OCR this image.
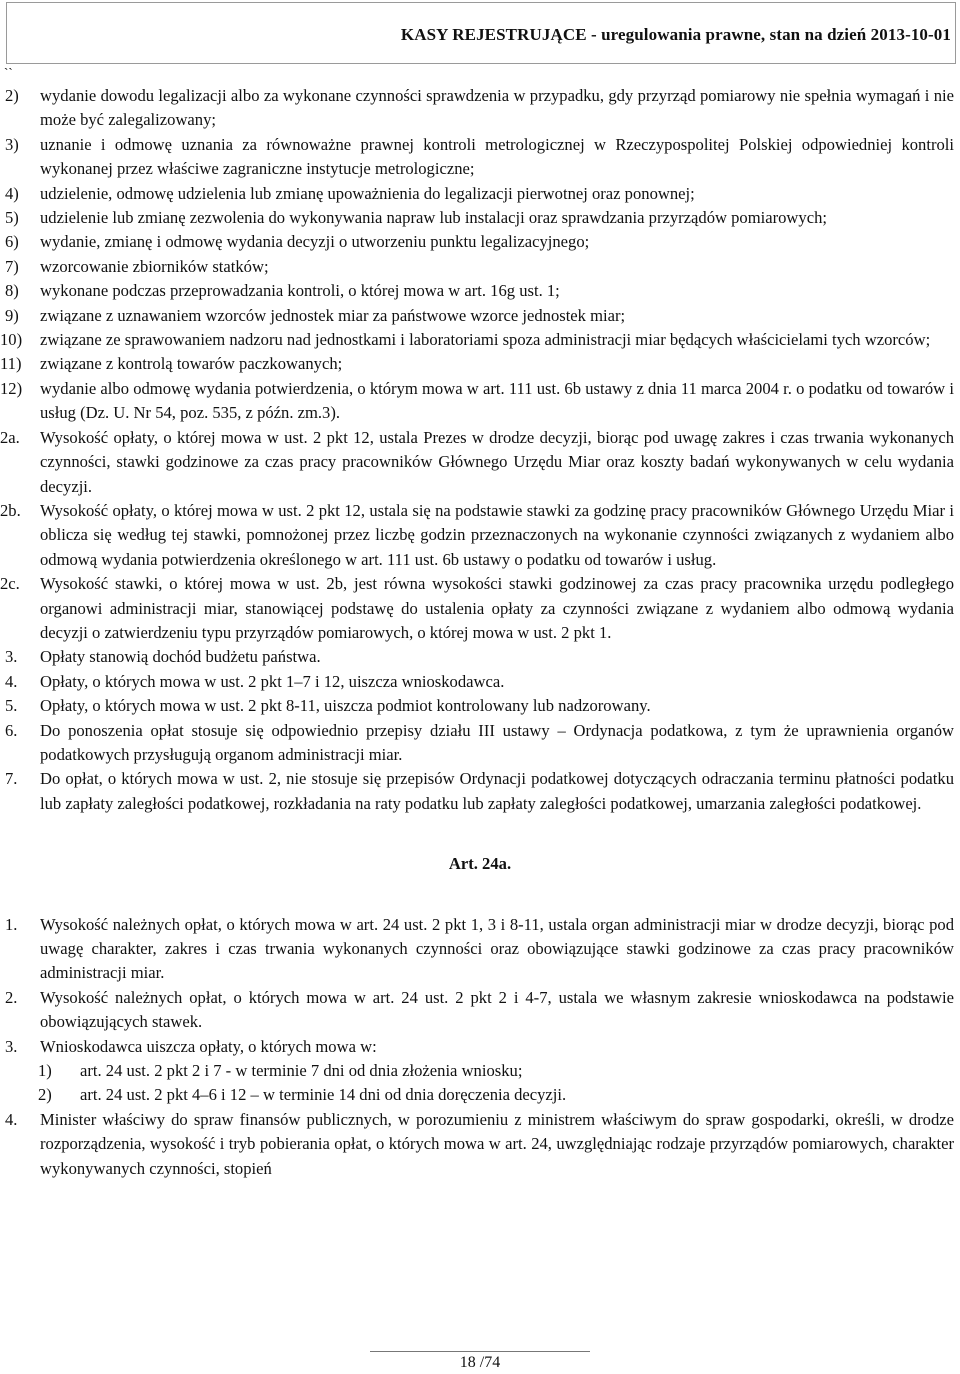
KASY REJESTRUJĄCE - uregulowania prawne, stan na dzień 2013-10-01
``
2) wydanie dowodu legalizacji albo za wykonane czynności sprawdzenia w przypadku, gdy przyrząd pomiarowy nie spełnia wymagań i nie może być zalegalizowany;
3) uznanie i odmowę uznania za równoważne prawnej kontroli metrologicznej w Rzeczypospolitej Polskiej odpowiedniej kontroli wykonanej przez właściwe zagraniczne instytucje metrologiczne;
4) udzielenie, odmowę udzielenia lub zmianę upoważnienia do legalizacji pierwotnej oraz ponownej;
5) udzielenie lub zmianę zezwolenia do wykonywania napraw lub instalacji oraz sprawdzania przyrządów pomiarowych;
6) wydanie, zmianę i odmowę wydania decyzji o utworzeniu punktu legalizacyjnego;
7) wzorcowanie zbiorników statków;
8) wykonane podczas przeprowadzania kontroli, o której mowa w art. 16g ust. 1;
9) związane z uznawaniem wzorców jednostek miar za państwowe wzorce jednostek miar;
10) związane ze sprawowaniem nadzoru nad jednostkami i laboratoriami spoza administracji miar będących właścicielami tych wzorców;
11) związane z kontrolą towarów paczkowanych;
12) wydanie albo odmowę wydania potwierdzenia, o którym mowa w art. 111 ust. 6b ustawy z dnia 11 marca 2004 r. o podatku od towarów i usług (Dz. U. Nr 54, poz. 535, z późn. zm.3).
2a. Wysokość opłaty, o której mowa w ust. 2 pkt 12, ustala Prezes w drodze decyzji, biorąc pod uwagę zakres i czas trwania wykonanych czynności, stawki godzinowe za czas pracy pracowników Głównego Urzędu Miar oraz koszty badań wykonywanych w celu wydania decyzji.
2b. Wysokość opłaty, o której mowa w ust. 2 pkt 12, ustala się na podstawie stawki za godzinę pracy pracowników Głównego Urzędu Miar i oblicza się według tej stawki, pomnożonej przez liczbę godzin przeznaczonych na wykonanie czynności związanych z wydaniem albo odmową wydania potwierdzenia określonego w art. 111 ust. 6b ustawy o podatku od towarów i usług.
2c. Wysokość stawki, o której mowa w ust. 2b, jest równa wysokości stawki godzinowej za czas pracy pracownika urzędu podległego organowi administracji miar, stanowiącej podstawę do ustalenia opłaty za czynności związane z wydaniem albo odmową wydania decyzji o zatwierdzeniu typu przyrządów pomiarowych, o której mowa w ust. 2 pkt 1.
3. Opłaty stanowią dochód budżetu państwa.
4. Opłaty, o których mowa w ust. 2 pkt 1–7 i 12, uiszcza wnioskodawca.
5. Opłaty, o których mowa w ust. 2 pkt 8-11, uiszcza podmiot kontrolowany lub nadzorowany.
6. Do ponoszenia opłat stosuje się odpowiednio przepisy działu III ustawy – Ordynacja podatkowa, z tym że uprawnienia organów podatkowych przysługują organom administracji miar.
7. Do opłat, o których mowa w ust. 2, nie stosuje się przepisów Ordynacji podatkowej dotyczących odraczania terminu płatności podatku lub zapłaty zaległości podatkowej, rozkładania na raty podatku lub zapłaty zaległości podatkowej, umarzania zaległości podatkowej.
Art. 24a.
1. Wysokość należnych opłat, o których mowa w art. 24 ust. 2 pkt 1, 3 i 8-11, ustala organ administracji miar w drodze decyzji, biorąc pod uwagę charakter, zakres i czas trwania wykonanych czynności oraz obowiązujące stawki godzinowe za czas pracy pracowników administracji miar.
2. Wysokość należnych opłat, o których mowa w art. 24 ust. 2 pkt 2 i 4-7, ustala we własnym zakresie wnioskodawca na podstawie obowiązujących stawek.
3. Wnioskodawca uiszcza opłaty, o których mowa w:
1) art. 24 ust. 2 pkt 2 i 7 - w terminie 7 dni od dnia złożenia wniosku;
2) art. 24 ust. 2 pkt 4–6 i 12 – w terminie 14 dni od dnia doręczenia decyzji.
4. Minister właściwy do spraw finansów publicznych, w porozumieniu z ministrem właściwym do spraw gospodarki, określi, w drodze rozporządzenia, wysokość i tryb pobierania opłat, o których mowa w art. 24, uwzględniając rodzaje przyrządów pomiarowych, charakter wykonywanych czynności, stopień
18 /74
